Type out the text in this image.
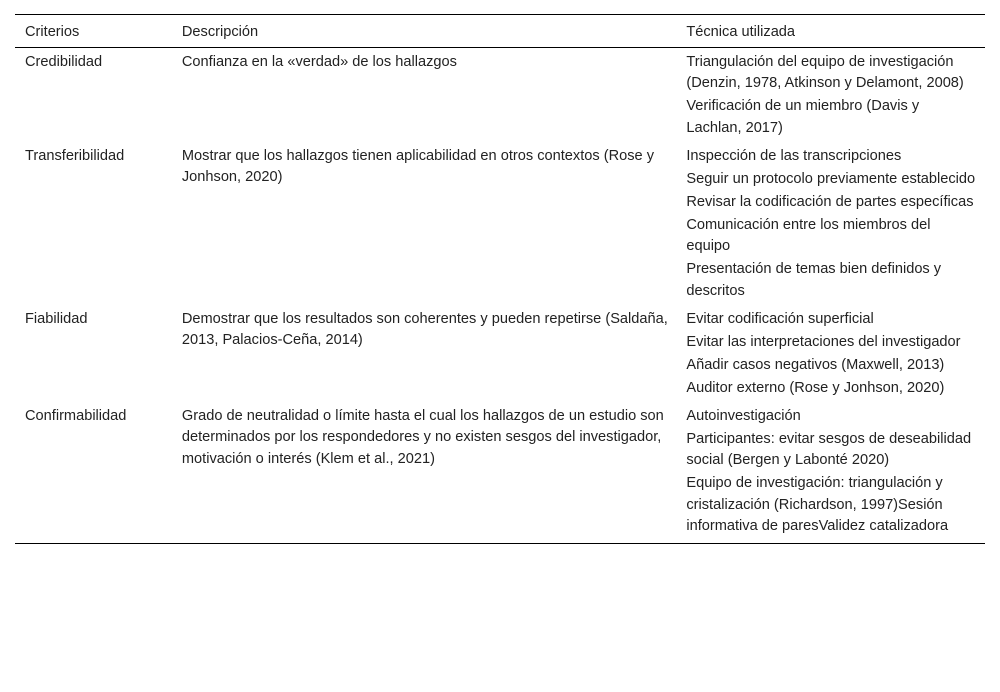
Criterios	Descripción	Técnica utilizada
Credibilidad	Confianza en la «verdad» de los hallazgos	Triangulación del equipo de investigación (Denzin, 1978, Atkinson y Delamont, 2008)
Verificación de un miembro (Davis y Lachlan, 2017)

Transferibilidad	Mostrar que los hallazgos tienen aplicabilidad en otros contextos (Rose y Jonhson, 2020)	Inspección de las transcripciones
Seguir un protocolo previamente establecido
Revisar la codificación de partes específicas
Comunicación entre los miembros del equipo
Presentación de temas bien definidos y descritos

Fiabilidad	Demostrar que los resultados son coherentes y pueden repetirse (Saldaña, 2013, Palacios-Ceña, 2014)	Evitar codificación superficial
Evitar las interpretaciones del investigador
Añadir casos negativos (Maxwell, 2013)
Auditor externo (Rose y Jonhson, 2020)

Confirmabilidad	Grado de neutralidad o límite hasta el cual los hallazgos de un estudio son determinados por los respondedores y no existen sesgos del investigador, motivación o interés (Klem et al., 2021)	Autoinvestigación
Participantes: evitar sesgos de deseabilidad social (Bergen y Labonté 2020)
Equipo de investigación: triangulación y cristalización (Richardson, 1997)Sesión informativa de paresValidez catalizadora
